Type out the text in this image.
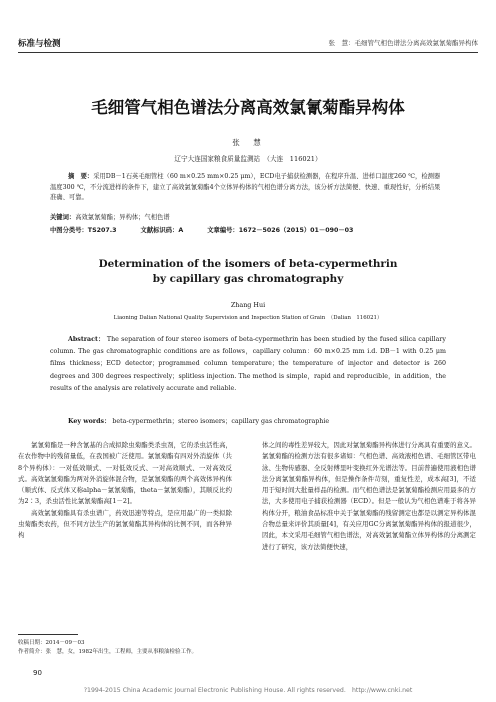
标准与检测	张　慧：毛细管气相色谱法分离高效氯氰菊酯异构体
毛细管气相色谱法分离高效氯氰菊酯异构体
张　慧
辽宁大连国家粮食质量监测站　（大连　116021）
摘　要：采用DB－1石英毛细管柱（60 m×0.25 mm×0.25 μm），ECD电子捕获检测器，在程序升温、进样口温度260 ℃，检测器温度300 ℃，不分流进样的条件下，建立了高效氯氰菊酯4个立体异构体的气相色谱分离方法，该分析方法简便、快速、重现性好，分析结果准确、可靠。
关键词：高效氯氰菊酯；异构体；气相色谱
中图分类号：TS207.3	文献标识码：A	文章编号：1672－5026（2015）01－090－03
Determination of the isomers of beta-cypermethrin
by capillary gas chromatography
Zhang Hui
Liaoning Dalian National Quality Supervision and Inspection Station of Grain　（Dalian　116021）
Abstract： The separation of four stereo isomers of beta-cypermethrin has been studied by the fused silica capillary column. The gas chromatographic conditions are as follows，capillary column：60 m×0.25 mm i.d. DB－1 with 0.25 μm films thickness；ECD detector；programmed column temperature；the temperature of injector and detector is 260 degrees and 300 degrees respectively；splitless injection. The method is simple，rapid and reproducible，in addition，the results of the analysis are relatively accurate and reliable.
Key words： beta-cypermethrin；stereo isomers；capillary gas chromatographie

氯氰菊酯是一种含氰基的合成拟除虫菊酯类杀虫剂，它的杀虫活性高，在农作物中的残留量低，在我国被广泛使用。氯氰菊酯有四对外消旋体（共8个异构体）：一对低效顺式、一对低效反式、一对高效顺式、一对高效反式。高效氯氰菊酯为两对外消旋体混合物，是氯氰菊酯的两个高效体异构体（顺式体、反式体又称alpha－氯氰菊酯，theta－氯氰菊酯），其顺反比约为2∶3，杀虫活性比氯氰菊酯高[1－2]。

高效氯氰菊酯具有杀虫谱广，药效迅速等特点，是应用最广的一类拟除虫菊酯类农药，但不同方法生产的氯氰菊酯其异构体的比例不同，而各种异构

体之间的毒性差异较大，因此对氯氰菊酯异构体进行分离具有重要的意义。氯氰菊酯的检测方法有很多诸如：气相色谱、高效液相色谱、毛细管区带电泳、生物传感器、全反射傅里叶变换红外光谱法等。目前普遍使用液相色谱法分离氯氰菊酯异构体，但是操作条件苛刻，重复性差，成本高[3]，不适用于短时间大批量样品的检测。而气相色谱法是氯氰菊酯检测应用最多的方法，大多使用电子捕获检测器（ECD）。但是一般认为气相色谱难于将各异构体分开，粮油食品标准中关于氯氰菊酯的残留测定也都是以测定异构体混合物总量来评价其质量[4]，有关应用GC分离氯氰菊酯异构体的报道很少，因此，本文采用毛细管气相色谱法，对高效氯氰菊酯立体异构体的分离测定进行了研究，该方法简便快速，

收稿日期：2014－09－03
作者简介：张　慧，女，1982年出生，工程师，主要从事粮油检验工作。
90
?1994-2015 China Academic Journal Electronic Publishing House. All rights reserved.　http://www.cnki.net
